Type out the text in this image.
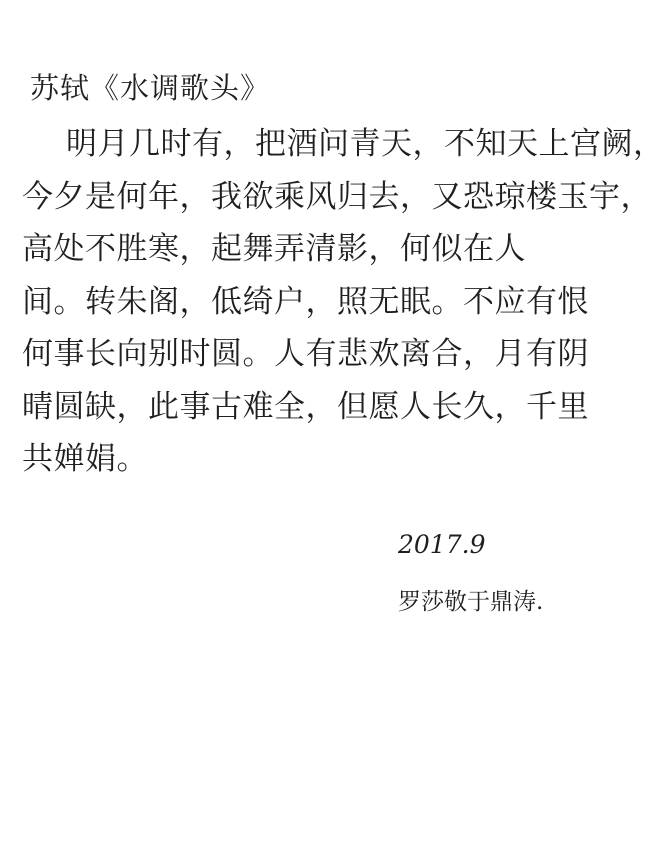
苏轼《水调歌头》
明月几时有，把酒问青天，不知天上宫阙，
今夕是何年，我欲乘风归去，又恐琼楼玉宇，
高处不胜寒，起舞弄清影，何似在人
间。转朱阁，低绮户，照无眠。不应有恨
何事长向别时圆。人有悲欢离合，月有阴
晴圆缺，此事古难全，但愿人长久，千里
共婵娟。
2017.9
罗莎敬于鼎涛.
